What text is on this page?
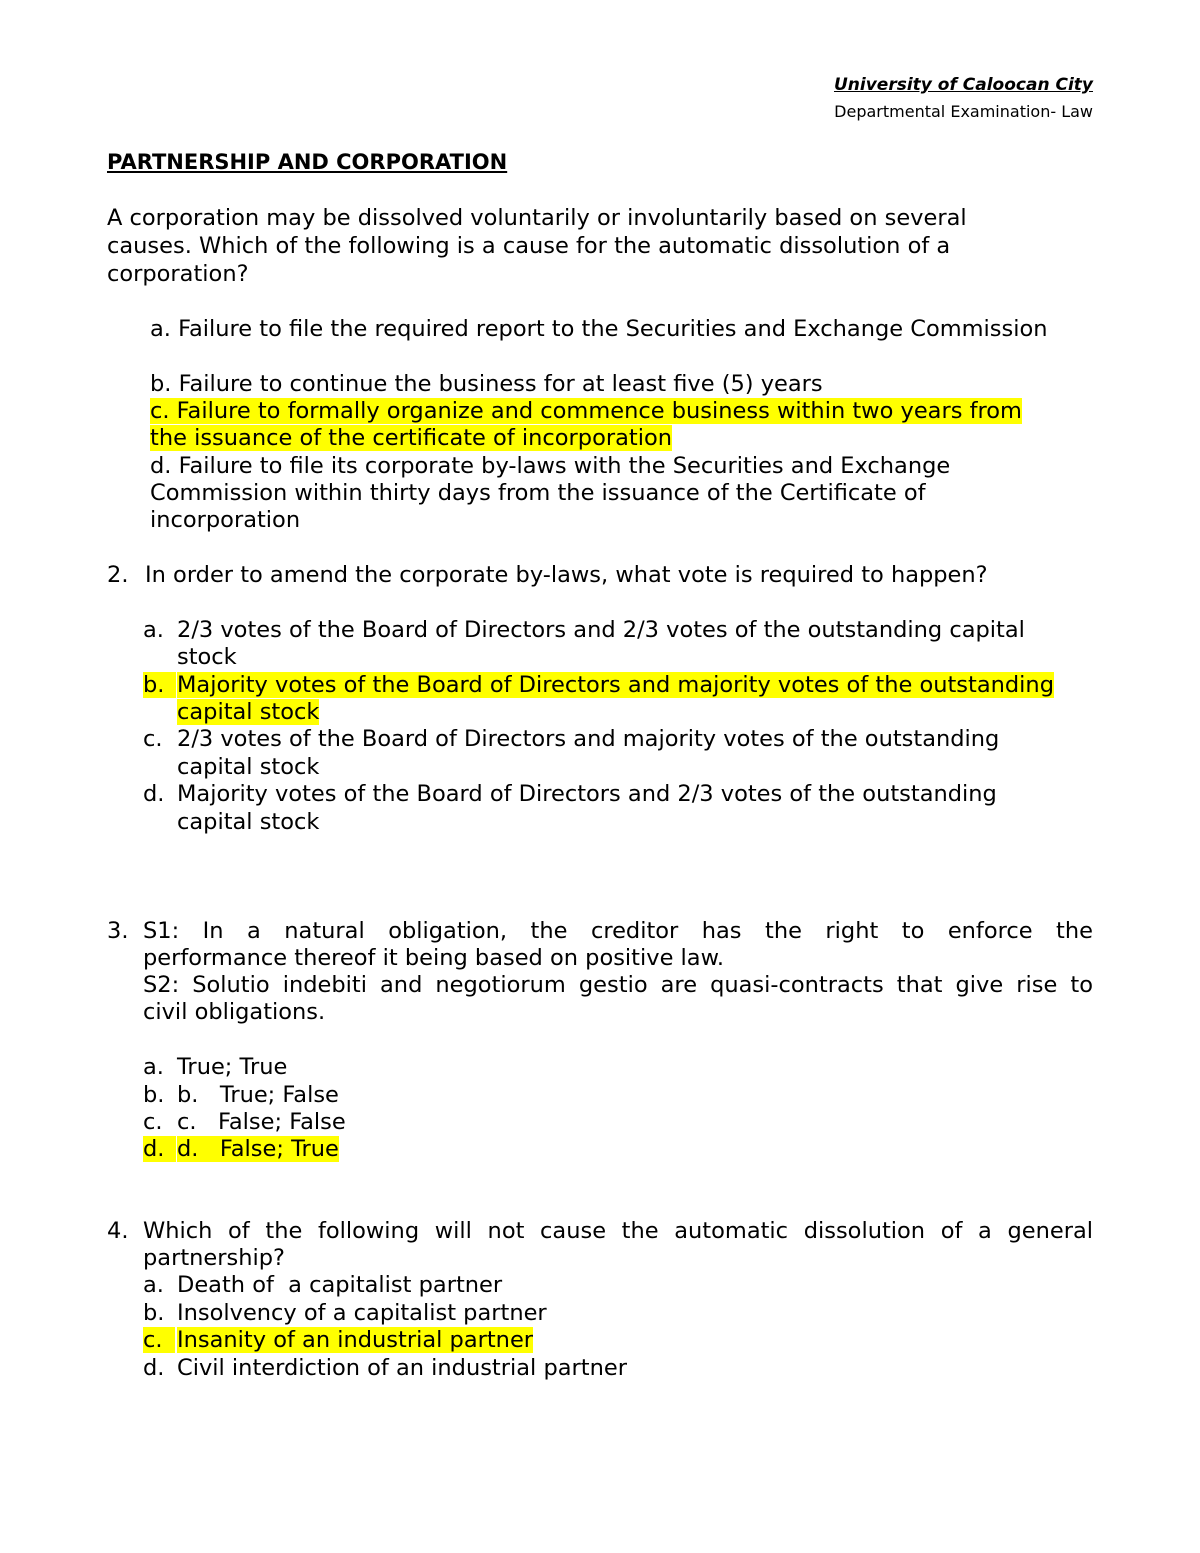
University of Caloocan City
Departmental Examination- Law
PARTNERSHIP AND CORPORATION
A corporation may be dissolved voluntarily or involuntarily based on several
causes. Which of the following is a cause for the automatic dissolution of a
corporation?
a. Failure to file the required report to the Securities and Exchange Commission
b. Failure to continue the business for at least five (5) years
c. Failure to formally organize and commence business within two years from
the issuance of the certificate of incorporation
d. Failure to file its corporate by-laws with the Securities and Exchange
Commission within thirty days from the issuance of the Certificate of
incorporation
2. In order to amend the corporate by-laws, what vote is required to happen?
a. 2/3 votes of the Board of Directors and 2/3 votes of the outstanding capital
stock
b. Majority votes of the Board of Directors and majority votes of the outstanding
capital stock
c. 2/3 votes of the Board of Directors and majority votes of the outstanding
capital stock
d. Majority votes of the Board of Directors and 2/3 votes of the outstanding
capital stock
3. S1: In a natural obligation, the creditor has the right to enforce the
performance thereof it being based on positive law.
S2: Solutio indebiti and negotiorum gestio are quasi-contracts that give rise to
civil obligations.
a. True; True
b. b.   True; False
c. c.   False; False
d. d.   False; True
4. Which of the following will not cause the automatic dissolution of a general
partnership?
a. Death of  a capitalist partner
b. Insolvency of a capitalist partner
c. Insanity of an industrial partner
d. Civil interdiction of an industrial partner
